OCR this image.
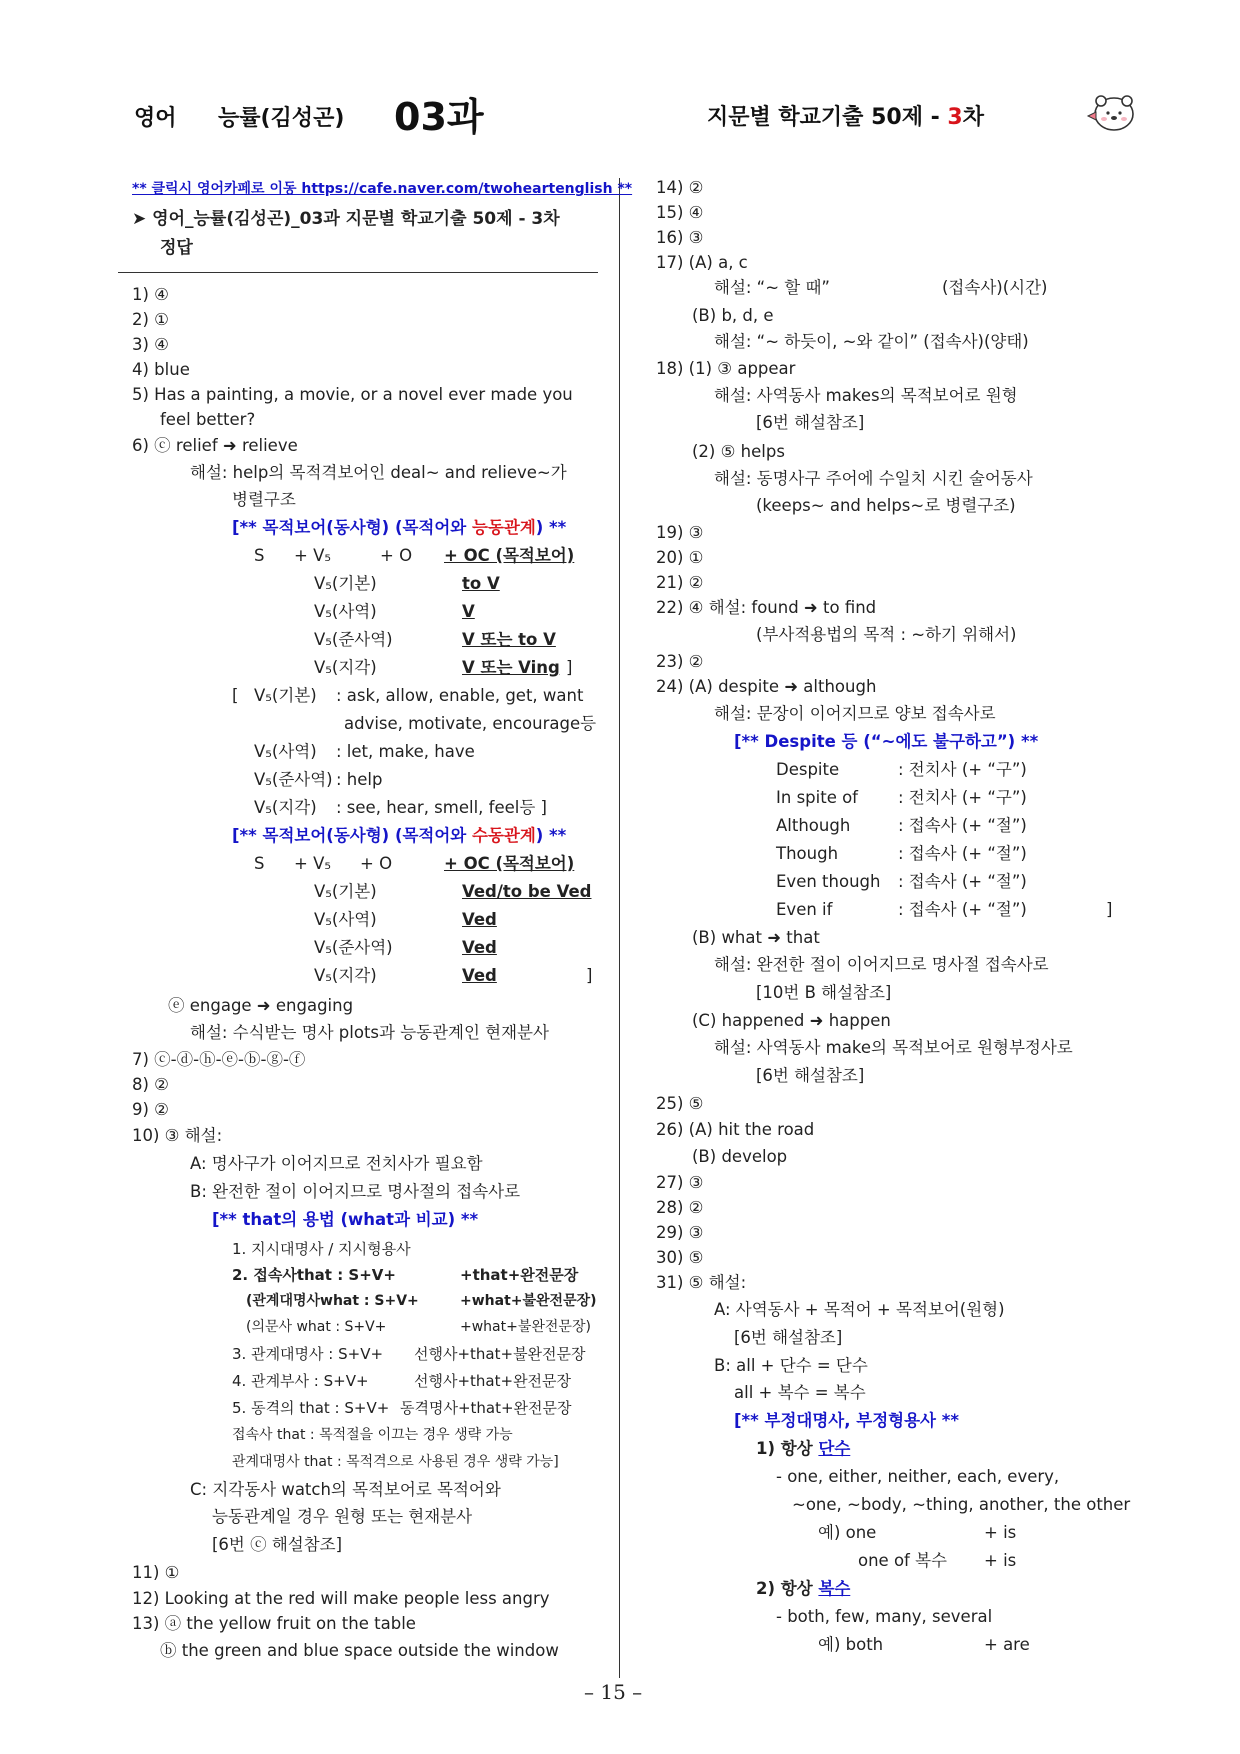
영어 능률(김성곤) 03과	지문별 학교기출 50제 - 3차
** 클릭시 영어카페로 이동 https://cafe.naver.com/twoheartenglish **
➤ 영어_능률(김성곤)_03과 지문별 학교기출 50제 - 3차
정답
1) ④
2) ①
3) ④
4) blue
5) Has a painting, a movie, or a novel ever made you
feel better?
6) ⓒ relief ➜ relieve
해설: help의 목적격보어인 deal~ and relieve~가
병렬구조
[** 목적보어(동사형) (목적어와 능동관계) **
S + V₅	+ O + OC (목적보어)
V₅(기본)	to V
V₅(사역)	V
V₅(준사역)	V 또는 to V
V₅(지각)	V 또는 Ving ]
[ V₅(기본) : ask, allow, enable, get, want
advise, motivate, encourage등
V₅(사역) : let, make, have
V₅(준사역) : help
V₅(지각) : see, hear, smell, feel등 ]
[** 목적보어(동사형) (목적어와 수동관계) **
S + V₅ + O	+ OC (목적보어)
V₅(기본)	Ved/to be Ved
V₅(사역)	Ved
V₅(준사역)	Ved
V₅(지각)	Ved	]
ⓔ engage ➜ engaging
해설: 수식받는 명사 plots과 능동관계인 현재분사
7) ⓒ-ⓓ-ⓗ-ⓔ-ⓑ-ⓖ-ⓕ
8) ②
9) ②
10) ③ 해설:
A: 명사구가 이어지므로 전치사가 필요함
B: 완전한 절이 이어지므로 명사절의 접속사로
[** that의 용법 (what과 비교) **
1. 지시대명사 / 지시형용사
2. 접속사that : S+V+	+that+완전문장
(관계대명사what : S+V+	+what+불완전문장)
(의문사 what : S+V+	+what+불완전문장)
3. 관계대명사 : S+V+ 선행사+that+불완전문장
4. 관계부사 : S+V+	선행사+that+완전문장
5. 동격의 that : S+V+ 동격명사+that+완전문장
접속사 that : 목적절을 이끄는 경우 생략 가능
관계대명사 that : 목적격으로 사용된 경우 생략 가능]
C: 지각동사 watch의 목적보어로 목적어와
능동관계일 경우 원형 또는 현재분사
[6번 ⓒ 해설참조]
11) ①
12) Looking at the red will make people less angry
13) ⓐ the yellow fruit on the table
ⓑ the green and blue space outside the window
14) ②
15) ④
16) ③
17) (A) a, c
해설: “~ 할 때”	(접속사)(시간)
(B) b, d, e
해설: “~ 하듯이, ~와 같이” (접속사)(양태)
18) (1) ③ appear
해설: 사역동사 makes의 목적보어로 원형
[6번 해설참조]
(2) ⑤ helps
해설: 동명사구 주어에 수일치 시킨 술어동사
(keeps~ and helps~로 병렬구조)
19) ③
20) ①
21) ②
22) ④ 해설: found ➜ to find
(부사적용법의 목적 : ~하기 위해서)
23) ②
24) (A) despite ➜ although
해설: 문장이 이어지므로 양보 접속사로
[** Despite 등 (“~에도 불구하고”) **
Despite	: 전치사 (+ “구”)
In spite of : 전치사 (+ “구”)
Although	: 접속사 (+ “절”)
Though	: 접속사 (+ “절”)
Even though : 접속사 (+ “절”)
Even if	: 접속사 (+ “절”)	]
(B) what ➜ that
해설: 완전한 절이 이어지므로 명사절 접속사로
[10번 B 해설참조]
(C) happened ➜ happen
해설: 사역동사 make의 목적보어로 원형부정사로
[6번 해설참조]
25) ⑤
26) (A) hit the road
(B) develop
27) ③
28) ②
29) ③
30) ⑤
31) ⑤ 해설:
A: 사역동사 + 목적어 + 목적보어(원형)
[6번 해설참조]
B: all + 단수 = 단수
all + 복수 = 복수
[** 부정대명사, 부정형용사 **
1) 항상 단수
- one, either, neither, each, every,
~one, ~body, ~thing, another, the other
예) one	+ is
one of 복수 + is
2) 항상 복수
- both, few, many, several
예) both	+ are
– 15 –
